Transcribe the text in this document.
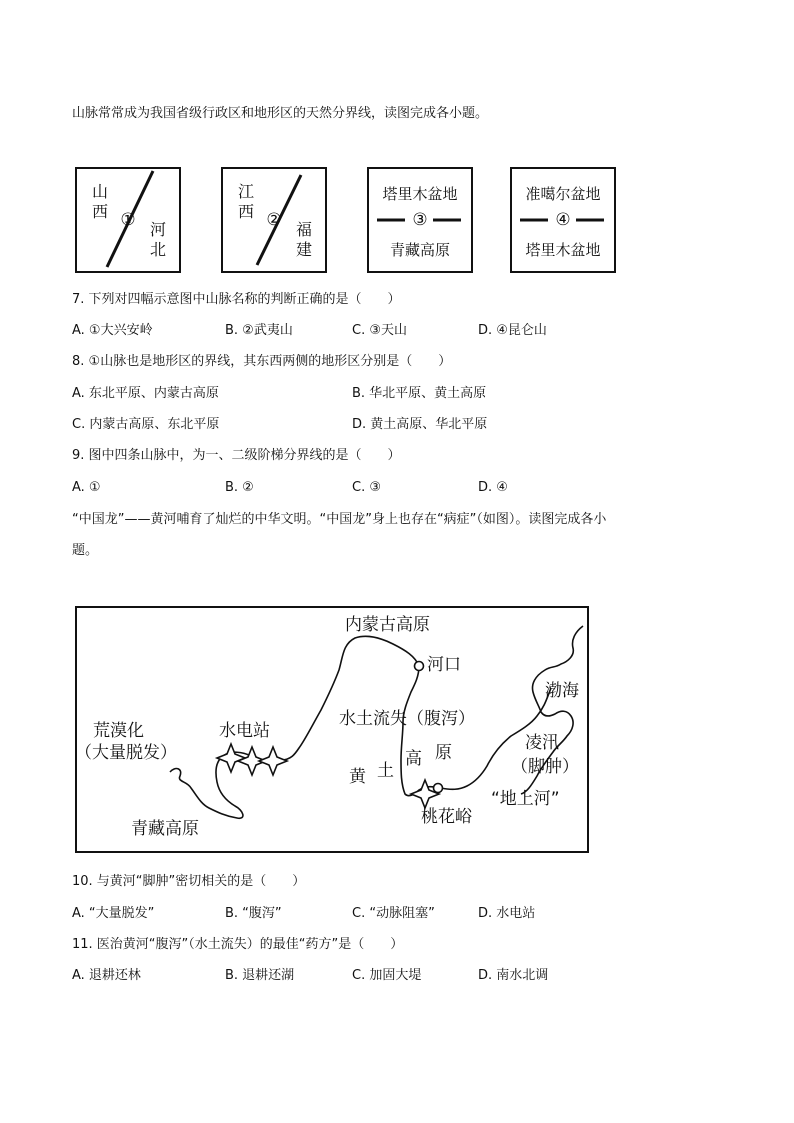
山脉常常成为我国省级行政区和地形区的天然分界线，读图完成各小题。
山
西 ① 河
北
江
西 ② 福
建
塔里木盆地
③
青藏高原
准噶尔盆地
④
塔里木盆地
7. 下列对四幅示意图中山脉名称的判断正确的是（　　）
A. ①大兴安岭	B. ②武夷山	C. ③天山	D. ④昆仑山
8. ①山脉也是地形区的界线，其东西两侧的地形区分别是（　　）
A. 东北平原、内蒙古高原	B. 华北平原、黄土高原
C. 内蒙古高原、东北平原	D. 黄土高原、华北平原
9. 图中四条山脉中，为一、二级阶梯分界线的是（　　）
A. ①	B. ②	C. ③	D. ④
“中国龙”——黄河哺育了灿烂的中华文明。“中国龙”身上也存在“病症”（如图）。读图完成各小
题。
内蒙古高原
河口
渤海
水土流失（腹泻）
水电站
荒漠化
（大量脱发）
黄 土
高 原	凌汛
（脚肿）
“地上河”
桃花峪
青藏高原
10. 与黄河“脚肿”密切相关的是（　　）
A. “大量脱发”	B. “腹泻”	C. “动脉阻塞”	D. 水电站
11. 医治黄河“腹泻”（水土流失）的最佳“药方”是（　　）
A. 退耕还林	B. 退耕还湖	C. 加固大堤	D. 南水北调
